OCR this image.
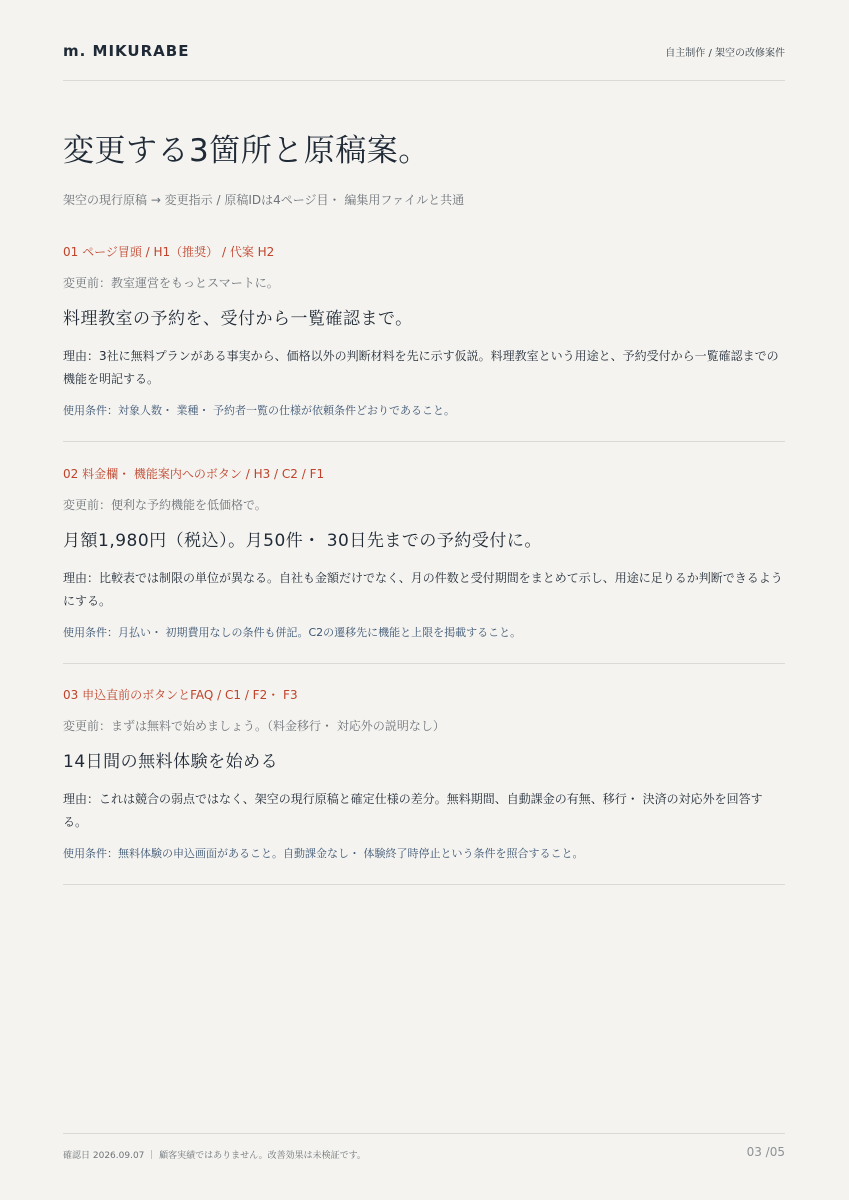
m. MIKURABE	自主制作 / 架空の改修案件
変更する3箇所と原稿案。
架空の現行原稿 → 変更指示 / 原稿IDは4ページ目・ 編集用ファイルと共通
01 ページ冒頭 / H1（推奨） / 代案 H2
変更前：教室運営をもっとスマートに。
料理教室の予約を、受付から一覧確認まで。
理由：3社に無料プランがある事実から、価格以外の判断材料を先に示す仮説。料理教室という用途と、予約受付から一覧確認までの機能を明記する。
使用条件：対象人数・ 業種・ 予約者一覧の仕様が依頼条件どおりであること。
02 料金欄・ 機能案内へのボタン / H3 / C2 / F1
変更前：便利な予約機能を低価格で。
月額1,980円（税込）。月50件・ 30日先までの予約受付に。
理由：比較表では制限の単位が異なる。自社も金額だけでなく、月の件数と受付期間をまとめて示し、用途に足りるか判断できるようにする。
使用条件：月払い・ 初期費用なしの条件も併記。C2の遷移先に機能と上限を掲載すること。
03 申込直前のボタンとFAQ / C1 / F2・ F3
変更前：まずは無料で始めましょう。（料金移行・ 対応外の説明なし）
14日間の無料体験を始める
理由：これは競合の弱点ではなく、架空の現行原稿と確定仕様の差分。無料期間、自動課金の有無、移行・ 決済の対応外を回答する。
使用条件：無料体験の申込画面があること。自動課金なし・ 体験終了時停止という条件を照合すること。
確認日 2026.09.07 ｜ 顧客実績ではありません。改善効果は未検証です。	03 /05
